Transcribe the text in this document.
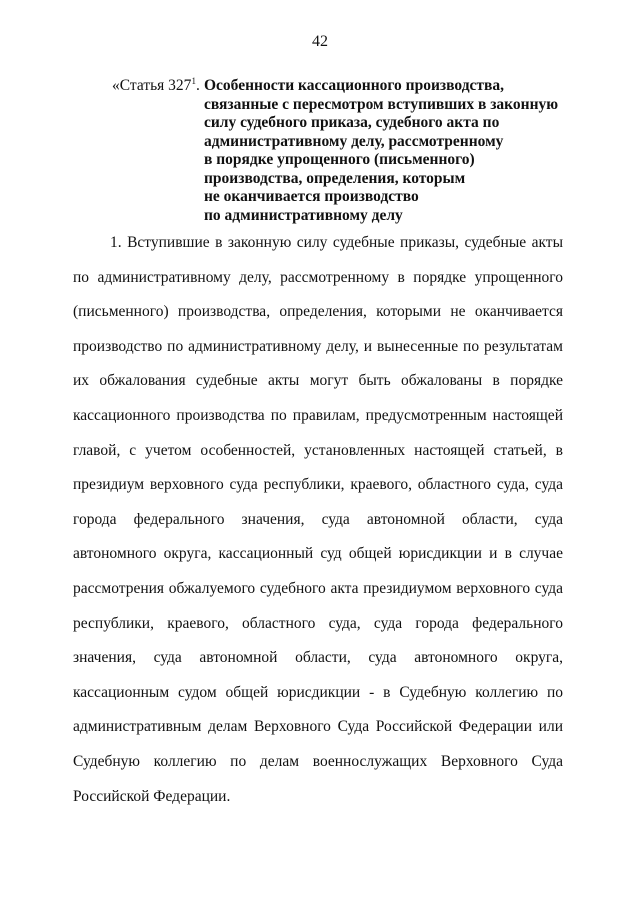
42
«Статья $327^1$. Особенности кассационного производства,
связанные с пересмотром вступивших в законную
силу судебного приказа, судебного акта по
административному делу, рассмотренному
в порядке упрощенного (письменного)
производства, определения, которым
не оканчивается производство
по административному делу
1. Вступившие в законную силу судебные приказы, судебные акты
по административному делу, рассмотренному в порядке упрощенного
(письменного) производства, определения, которыми не оканчивается
производство по административному делу, и вынесенные по результатам
их обжалования судебные акты могут быть обжалованы в порядке
кассационного производства по правилам, предусмотренным настоящей
главой, с учетом особенностей, установленных настоящей статьей, в
президиум верховного суда республики, краевого, областного суда, суда
города федерального значения, суда автономной области, суда
автономного округа, кассационный суд общей юрисдикции и в случае
рассмотрения обжалуемого судебного акта президиумом верховного суда
республики, краевого, областного суда, суда города федерального
значения, суда автономной области, суда автономного округа,
кассационным судом общей юрисдикции - в Судебную коллегию по
административным делам Верховного Суда Российской Федерации или
Судебную коллегию по делам военнослужащих Верховного Суда
Российской Федерации.
